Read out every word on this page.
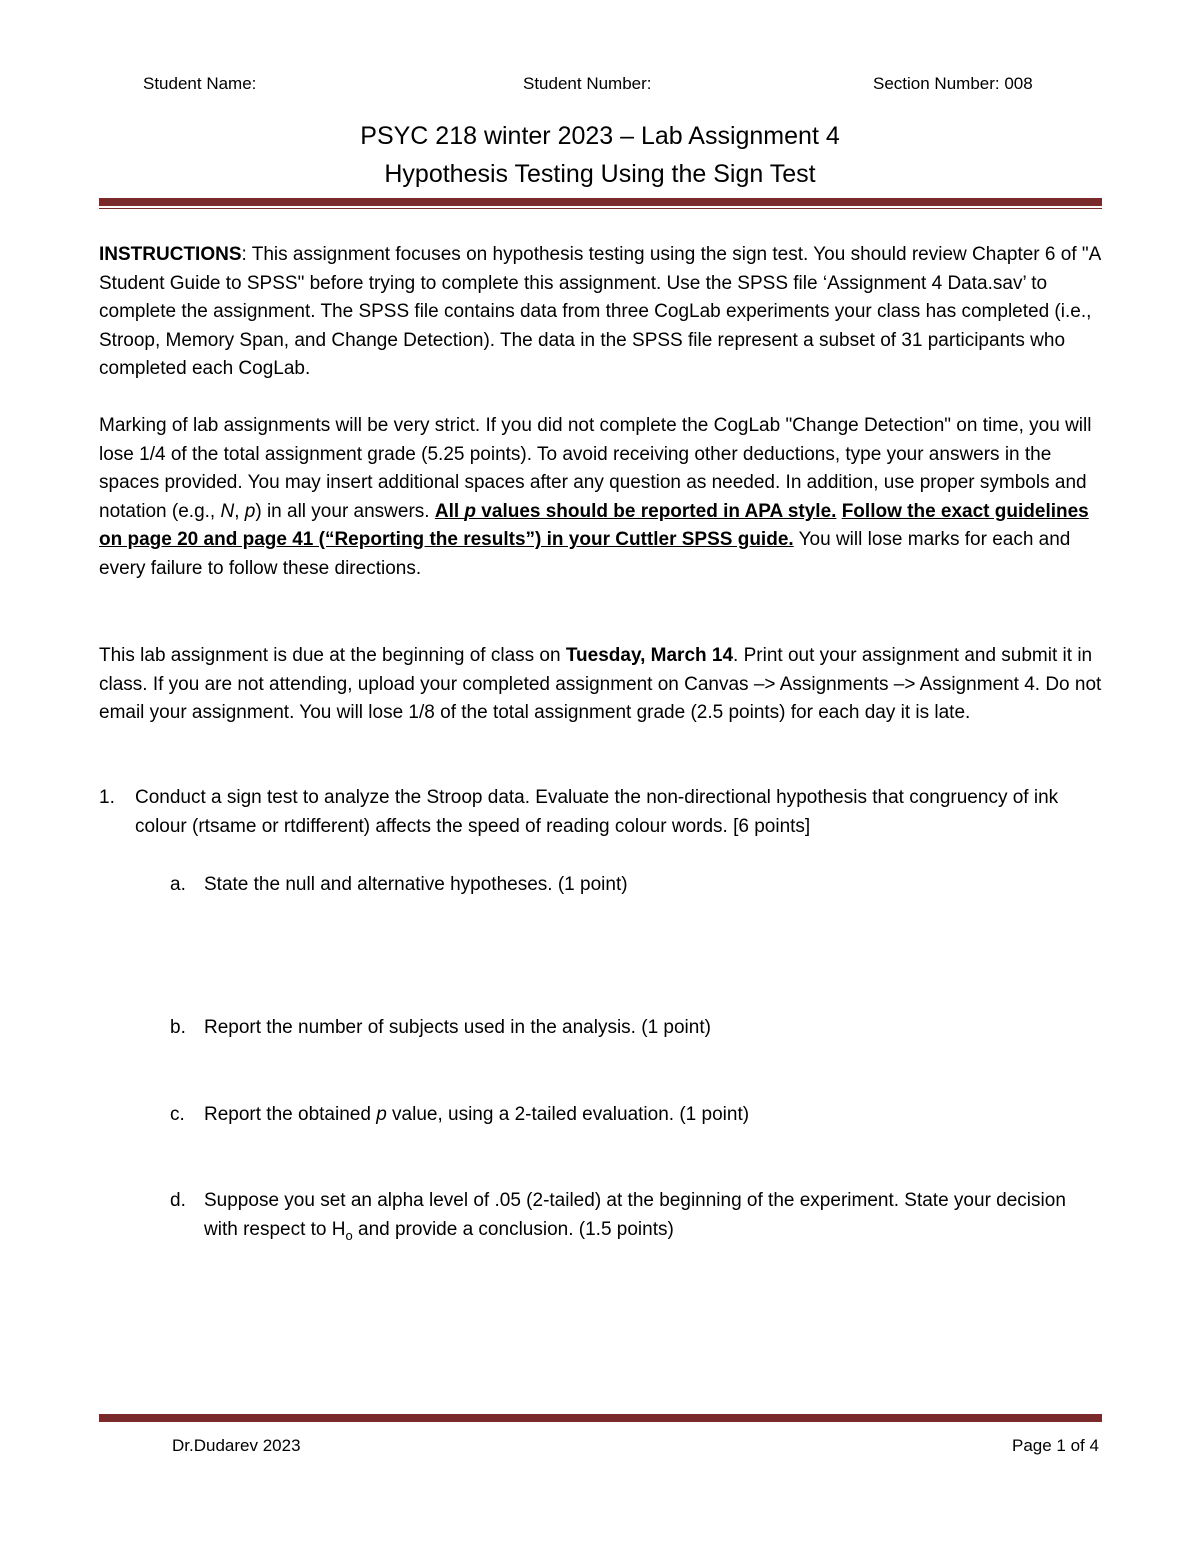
Student Name:	Student Number:	Section Number: 008
PSYC 218 winter 2023 – Lab Assignment 4
Hypothesis Testing Using the Sign Test

INSTRUCTIONS: This assignment focuses on hypothesis testing using the sign test. You should review Chapter 6 of "A Student Guide to SPSS" before trying to complete this assignment. Use the SPSS file ‘Assignment 4 Data.sav’ to complete the assignment. The SPSS file contains data from three CogLab experiments your class has completed (i.e., Stroop, Memory Span, and Change Detection). The data in the SPSS file represent a subset of 31 participants who completed each CogLab.

Marking of lab assignments will be very strict. If you did not complete the CogLab "Change Detection" on time, you will lose 1/4 of the total assignment grade (5.25 points). To avoid receiving other deductions, type your answers in the spaces provided. You may insert additional spaces after any question as needed. In addition, use proper symbols and notation (e.g., N, p) in all your answers. All p values should be reported in APA style. Follow the exact guidelines on page 20 and page 41 (“Reporting the results”) in your Cuttler SPSS guide. You will lose marks for each and every failure to follow these directions.

This lab assignment is due at the beginning of class on Tuesday, March 14. Print out your assignment and submit it in class. If you are not attending, upload your completed assignment on Canvas –> Assignments –> Assignment 4. Do not email your assignment. You will lose 1/8 of the total assignment grade (2.5 points) for each day it is late.

1. Conduct a sign test to analyze the Stroop data. Evaluate the non-directional hypothesis that congruency of ink colour (rtsame or rtdifferent) affects the speed of reading colour words. [6 points]
a. State the null and alternative hypotheses. (1 point)
b. Report the number of subjects used in the analysis. (1 point)
c. Report the obtained p value, using a 2-tailed evaluation. (1 point)
d. Suppose you set an alpha level of .05 (2-tailed) at the beginning of the experiment. State your decision with respect to $H_o$ and provide a conclusion. (1.5 points)
Dr.Dudarev 2023	Page 1 of 4
